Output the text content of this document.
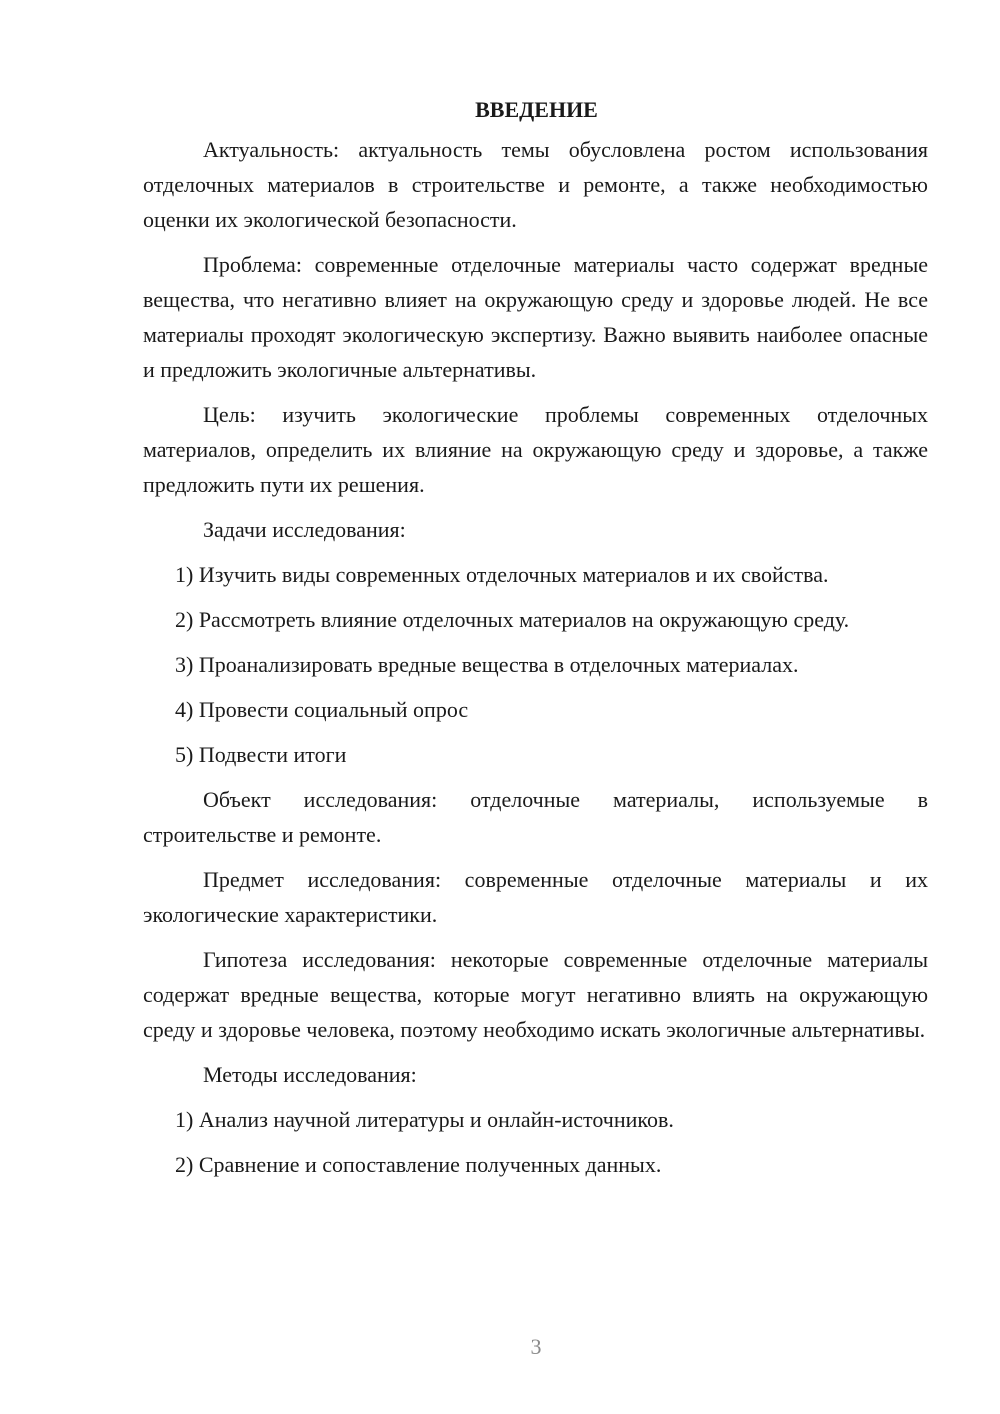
ВВЕДЕНИЕ

Актуальность: актуальность темы обусловлена ростом использования отделочных материалов в строительстве и ремонте, а также необходимостью оценки их экологической безопасности.

Проблема: современные отделочные материалы часто содержат вредные вещества, что негативно влияет на окружающую среду и здоровье людей. Не все материалы проходят экологическую экспертизу. Важно выявить наиболее опасные и предложить экологичные альтернативы.

Цель: изучить экологические проблемы современных отделочных материалов, определить их влияние на окружающую среду и здоровье, а также предложить пути их решения.

Задачи исследования:

1) Изучить виды современных отделочных материалов и их свойства.

2) Рассмотреть влияние отделочных материалов на окружающую среду.

3) Проанализировать вредные вещества в отделочных материалах.

4) Провести социальный опрос

5) Подвести итоги

Объект исследования: отделочные материалы, используемые в строительстве и ремонте.

Предмет исследования: современные отделочные материалы и их экологические характеристики.

Гипотеза исследования: некоторые современные отделочные материалы содержат вредные вещества, которые могут негативно влиять на окружающую среду и здоровье человека, поэтому необходимо искать экологичные альтернативы.

Методы исследования:

1) Анализ научной литературы и онлайн-источников.

2) Сравнение и сопоставление полученных данных.

3
